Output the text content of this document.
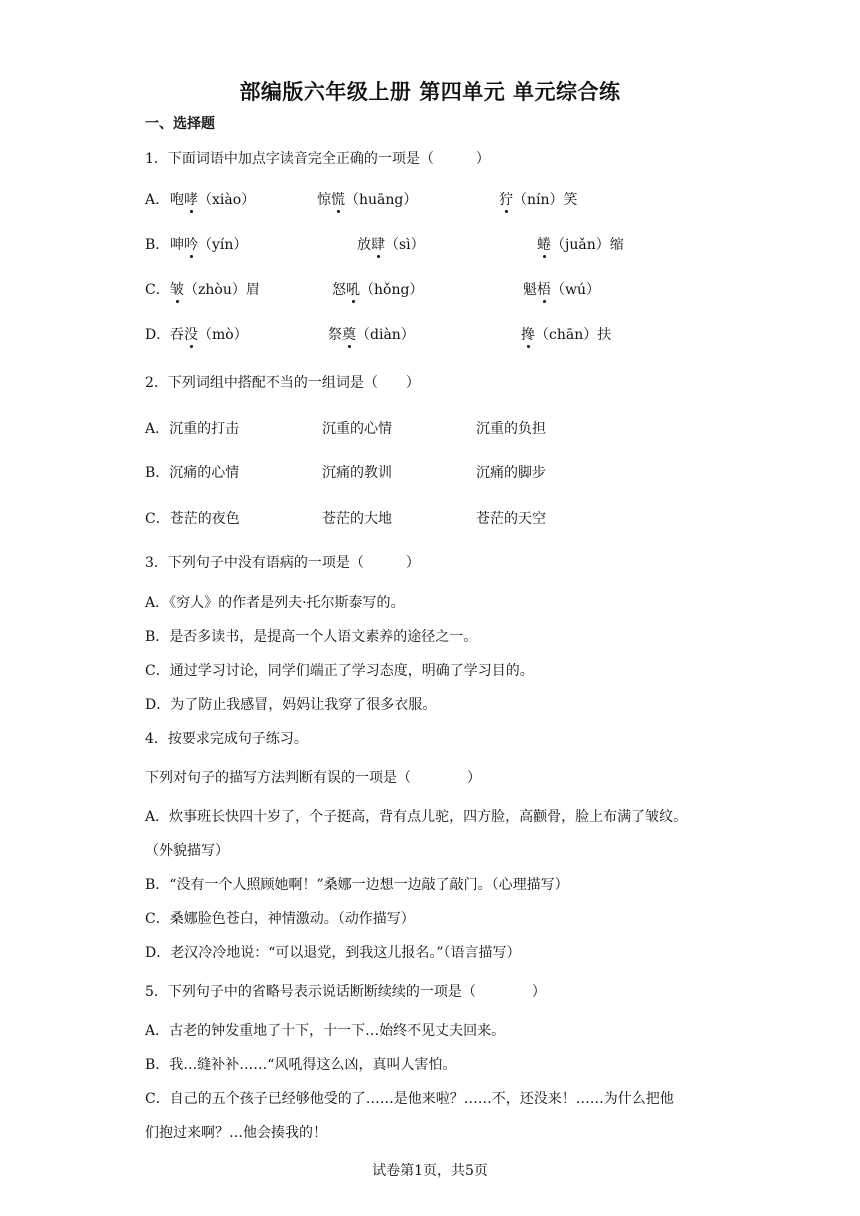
部编版六年级上册 第四单元 单元综合练
一、选择题
1．下面词语中加点字读音完全正确的一项是（　　　）
A． 咆哮（xiào）	惊慌（huāng）	狞（nín）笑
B． 呻吟（yín）	放肆（sì）	蜷（juǎn）缩
C． 皱（zhòu）眉	怒吼（hǒng）	魁梧（wú）
D． 吞没（mò）	祭奠（diàn）	搀（chān）扶
2．下列词组中搭配不当的一组词是（　　）
A．沉重的打击	沉重的心情	沉重的负担
B．沉痛的心情	沉痛的教训	沉痛的脚步
C．苍茫的夜色	苍茫的大地	苍茫的天空
3．下列句子中没有语病的一项是（　　　）
A．《穷人》的作者是列夫·托尔斯泰写的。
B．是否多读书，是提高一个人语文素养的途径之一。
C．通过学习讨论，同学们端正了学习态度，明确了学习目的。
D．为了防止我感冒，妈妈让我穿了很多衣服。
4．按要求完成句子练习。
下列对句子的描写方法判断有误的一项是（　　　　）
A．炊事班长快四十岁了，个子挺高，背有点儿驼，四方脸，高颧骨，脸上布满了皱纹。
（外貌描写）
B．“没有一个人照顾她啊！”桑娜一边想一边敲了敲门。（心理描写）
C．桑娜脸色苍白，神情激动。（动作描写）
D．老汉冷冷地说：“可以退党，到我这儿报名。”（语言描写）
5．下列句子中的省略号表示说话断断续续的一项是（　　　　）
A．古老的钟发重地了十下，十一下…始终不见丈夫回来。
B．我…缝补补……“风吼得这么凶，真叫人害怕。
C．自己的五个孩子已经够他受的了……是他来啦？……不，还没来！……为什么把他
们抱过来啊？…他会揍我的！
试卷第1页，共5页
